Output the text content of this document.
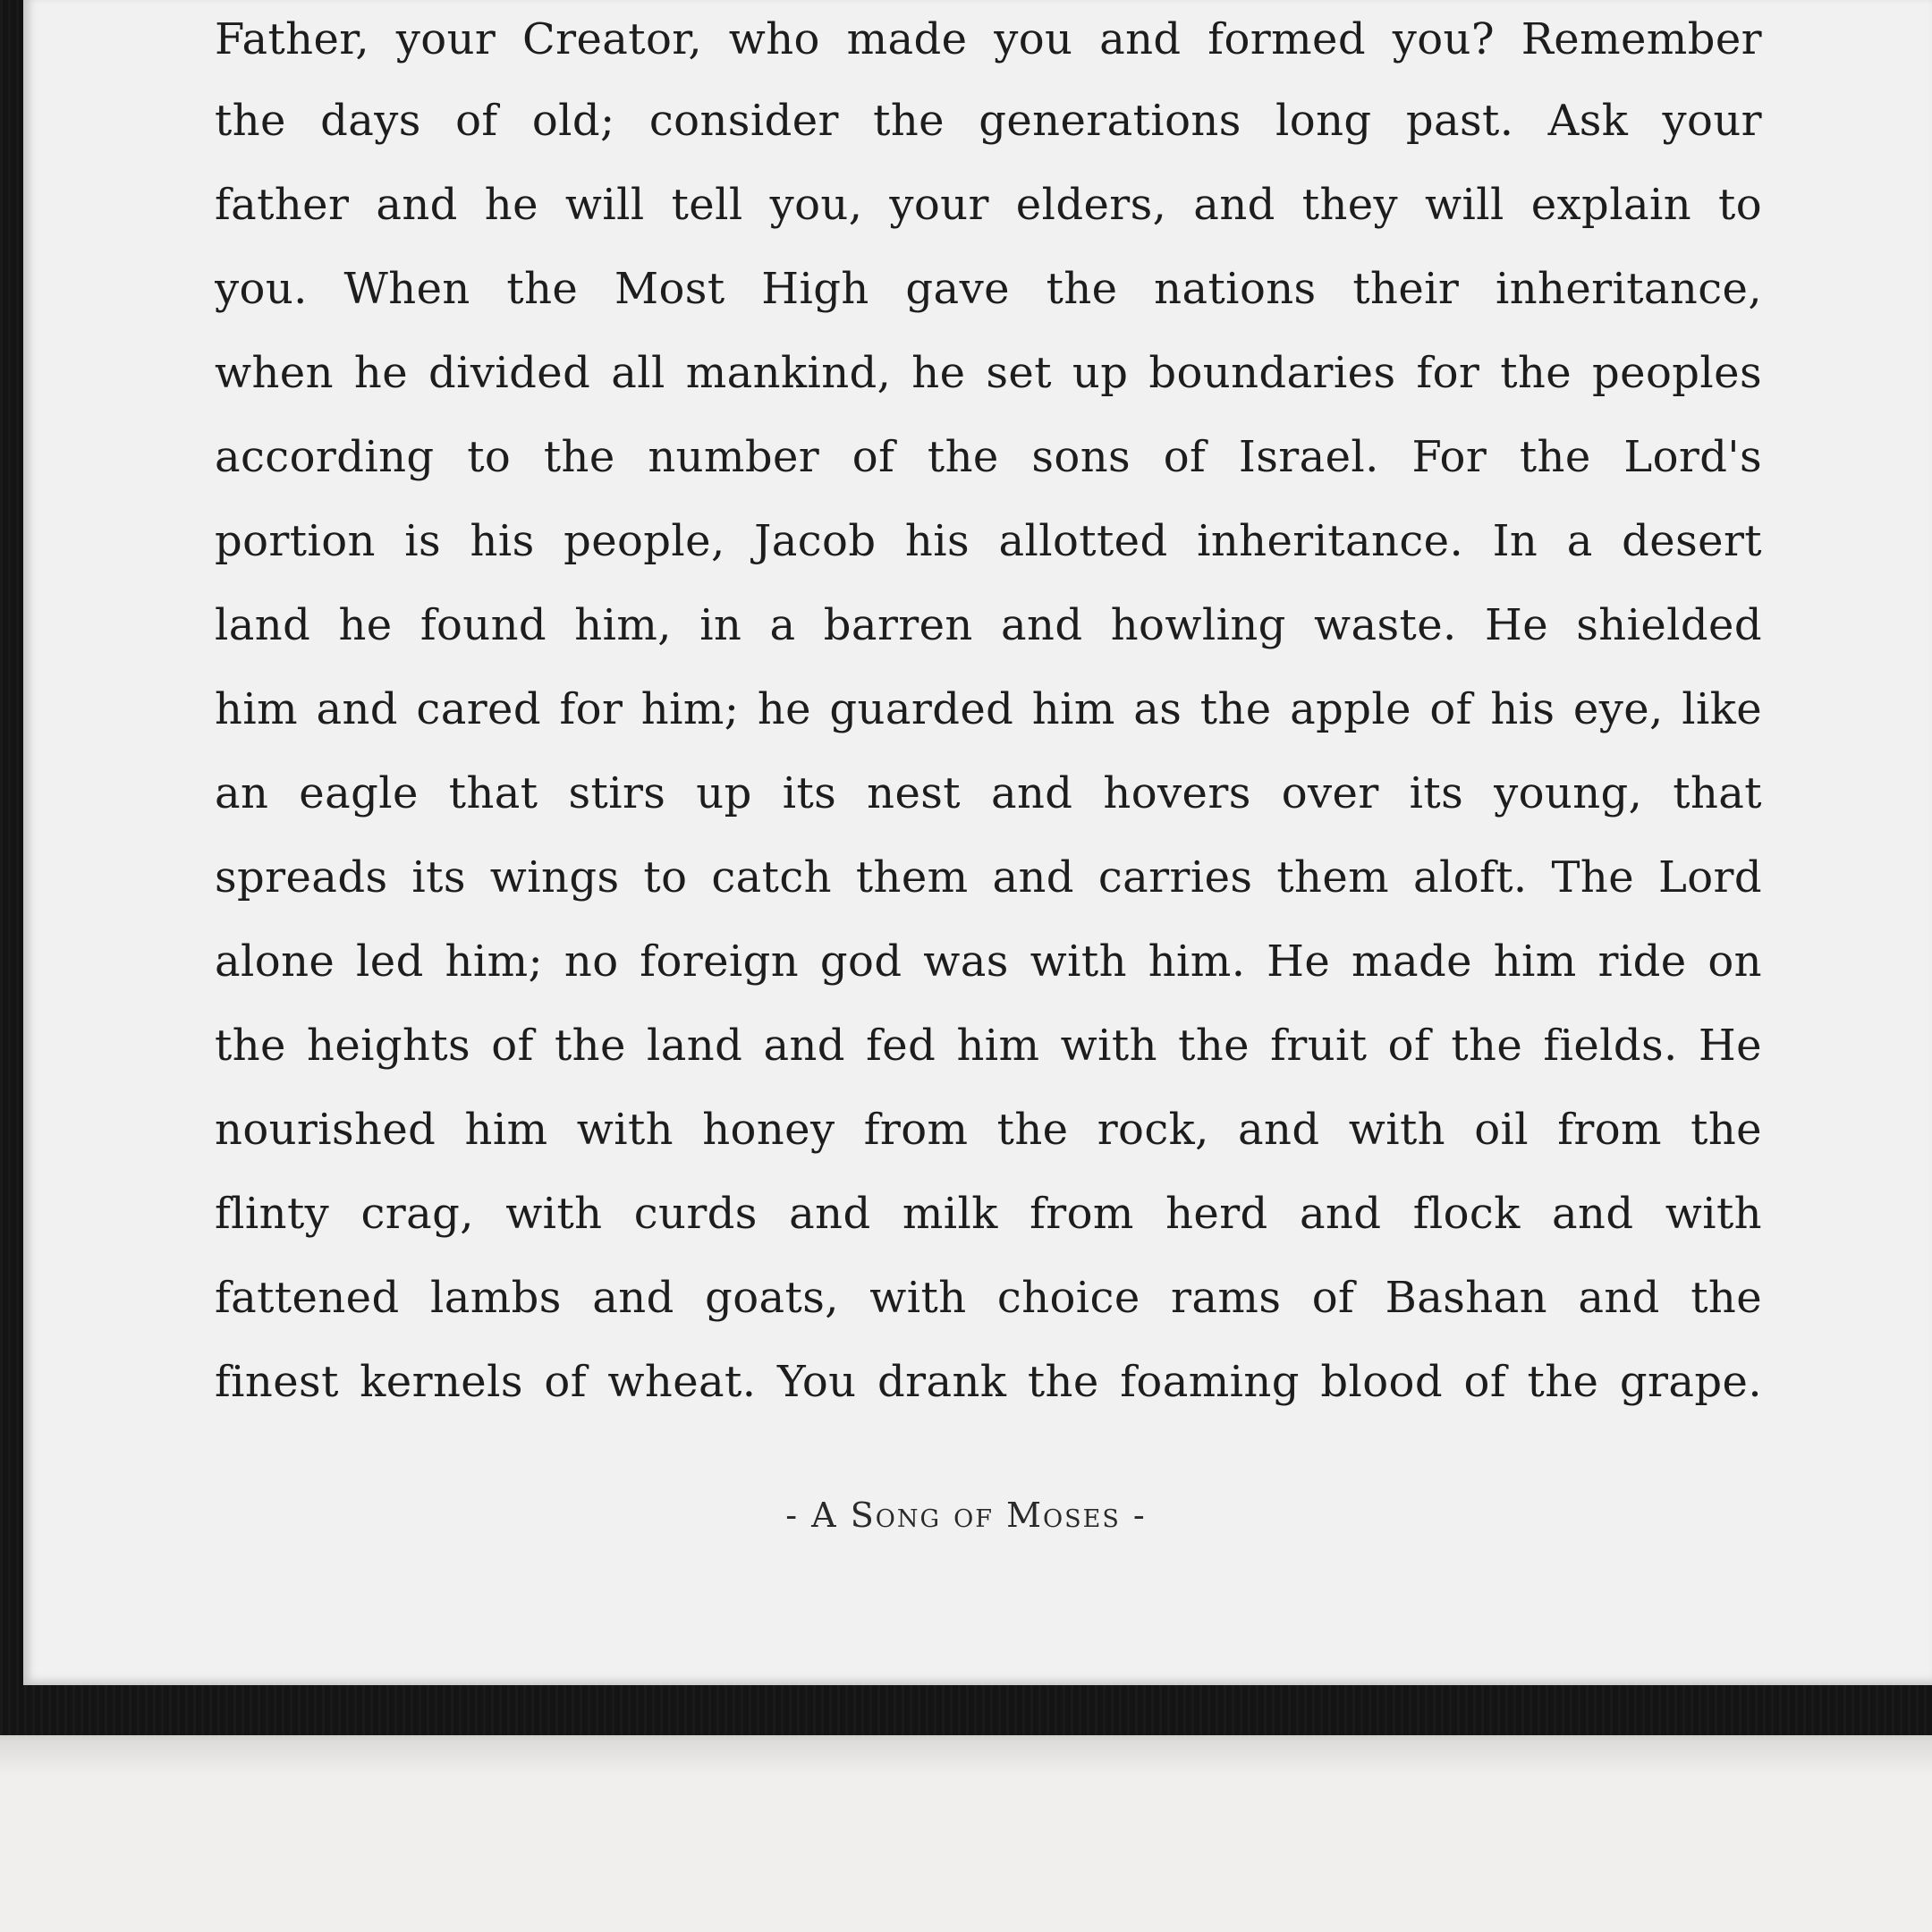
Father, your Creator, who made you and formed you? Remember
the days of old; consider the generations long past. Ask your
father and he will tell you, your elders, and they will explain to
you. When the Most High gave the nations their inheritance,
when he divided all mankind, he set up boundaries for the peoples
according to the number of the sons of Israel. For the Lord's
portion is his people, Jacob his allotted inheritance. In a desert
land he found him, in a barren and howling waste. He shielded
him and cared for him; he guarded him as the apple of his eye, like
an eagle that stirs up its nest and hovers over its young, that
spreads its wings to catch them and carries them aloft. The Lord
alone led him; no foreign god was with him. He made him ride on
the heights of the land and fed him with the fruit of the fields. He
nourished him with honey from the rock, and with oil from the
flinty crag, with curds and milk from herd and flock and with
fattened lambs and goats, with choice rams of Bashan and the
finest kernels of wheat. You drank the foaming blood of the grape.
- A Song of Moses -
